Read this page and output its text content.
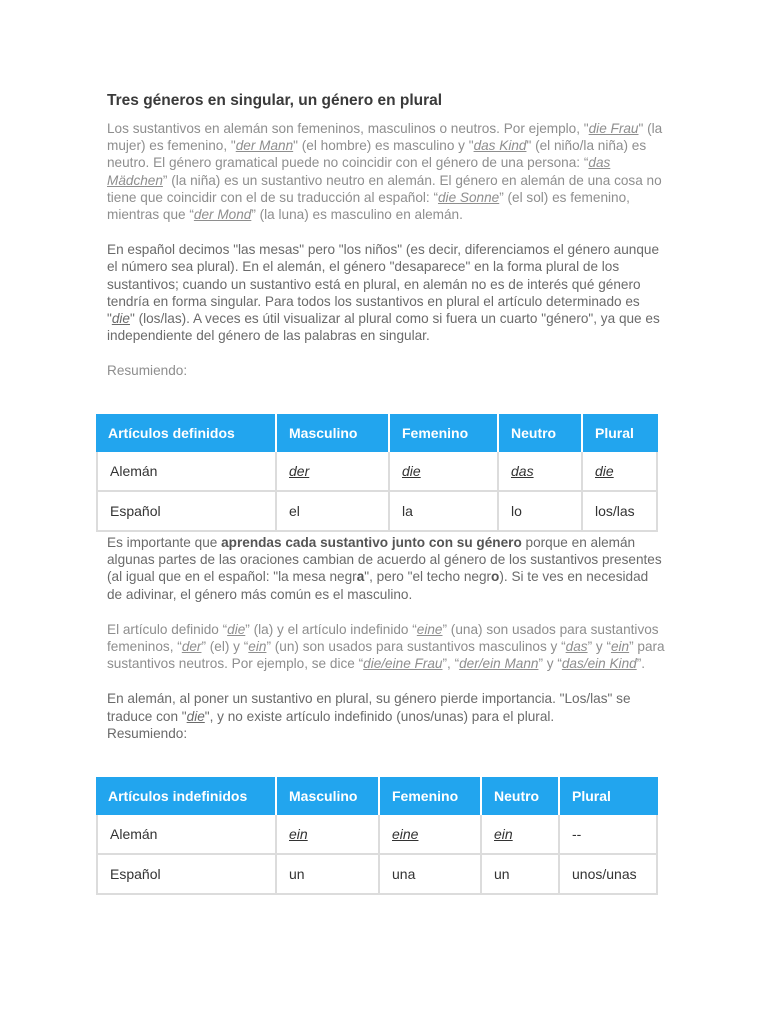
Tres géneros en singular, un género en plural

Los sustantivos en alemán son femeninos, masculinos o neutros. Por ejemplo, "die Frau" (la mujer) es femenino, "der Mann" (el hombre) es masculino y "das Kind" (el niño/la niña) es neutro. El género gramatical puede no coincidir con el género de una persona: “das Mädchen” (la niña) es un sustantivo neutro en alemán. El género en alemán de una cosa no tiene que coincidir con el de su traducción al español: “die Sonne” (el sol) es femenino, mientras que “der Mond” (la luna) es masculino en alemán.

En español decimos "las mesas" pero "los niños" (es decir, diferenciamos el género aunque el número sea plural). En el alemán, el género "desaparece" en la forma plural de los sustantivos; cuando un sustantivo está en plural, en alemán no es de interés qué género tendría en forma singular. Para todos los sustantivos en plural el artículo determinado es "die" (los/las). A veces es útil visualizar al plural como si fuera un cuarto "género", ya que es independiente del género de las palabras en singular.

Resumiendo:

Artículos definidos	Masculino	Femenino	Neutro	Plural
Alemán	der	die	das	die
Español	el	la	lo	los/las

Es importante que aprendas cada sustantivo junto con su género porque en alemán algunas partes de las oraciones cambian de acuerdo al género de los sustantivos presentes (al igual que en el español: "la mesa negra", pero "el techo negro). Si te ves en necesidad de adivinar, el género más común es el masculino.

El artículo definido “die” (la) y el artículo indefinido “eine” (una) son usados para sustantivos femeninos, “der” (el) y “ein” (un) son usados para sustantivos masculinos y “das” y “ein” para sustantivos neutros. Por ejemplo, se dice “die/eine Frau”, “der/ein Mann” y “das/ein Kind”.

En alemán, al poner un sustantivo en plural, su género pierde importancia. "Los/las" se traduce con "die", y no existe artículo indefinido (unos/unas) para el plural.
Resumiendo:

Artículos indefinidos	Masculino	Femenino	Neutro	Plural
Alemán	ein	eine	ein	--
Español	un	una	un	unos/unas
